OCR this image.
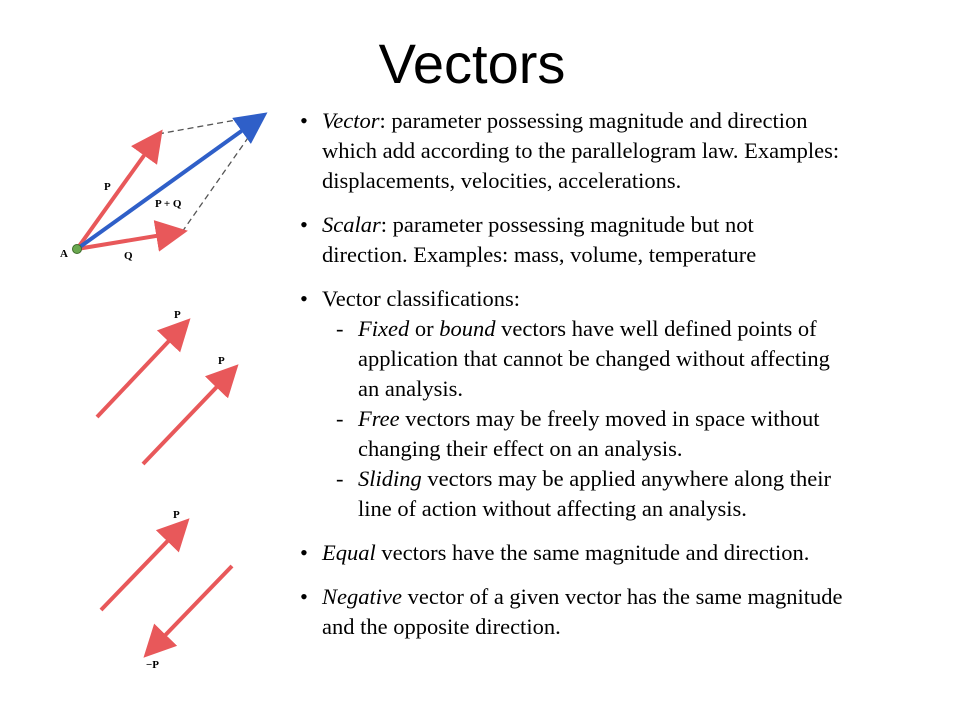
Vectors
A
P
Q
P + Q
P
P
P
−P
• Vector: parameter possessing magnitude and direction
which add according to the parallelogram law. Examples:
displacements, velocities, accelerations.
• Scalar: parameter possessing magnitude but not
direction. Examples: mass, volume, temperature
• Vector classifications:
- Fixed or bound vectors have well defined points of
application that cannot be changed without affecting
an analysis.
- Free vectors may be freely moved in space without
changing their effect on an analysis.
- Sliding vectors may be applied anywhere along their
line of action without affecting an analysis.
• Equal vectors have the same magnitude and direction.
• Negative vector of a given vector has the same magnitude
and the opposite direction.
